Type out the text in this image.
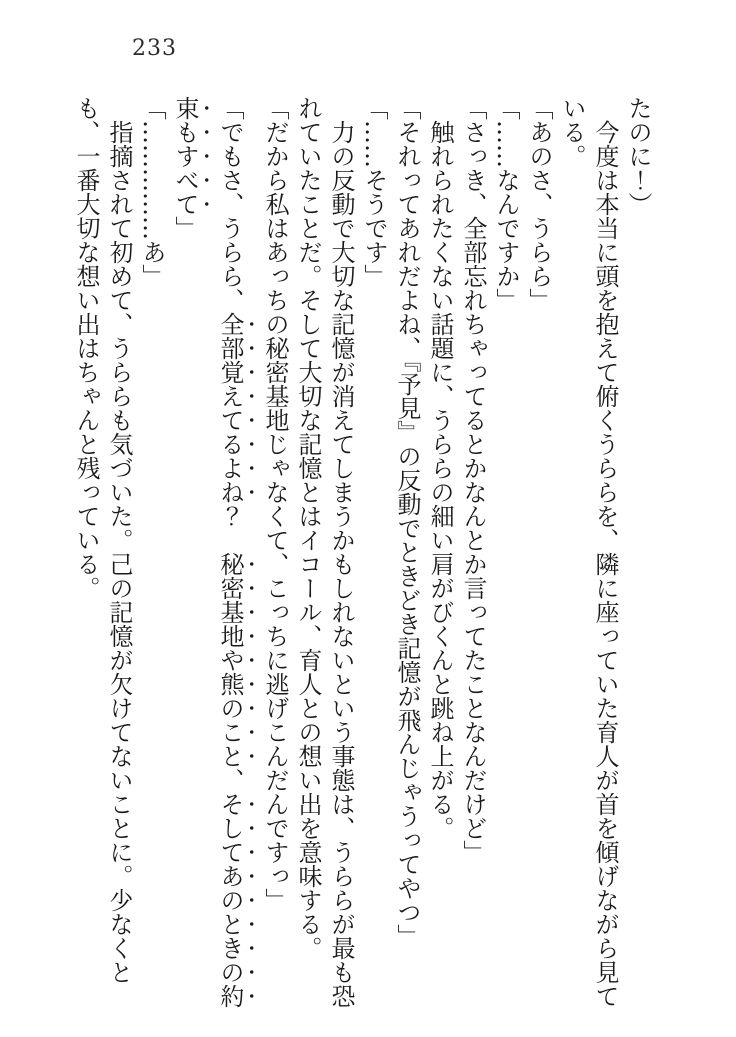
233

たのに！）

今度は本当に頭を抱えて俯くうららを、隣に座っていた育人が首を傾げながら見ている。

「あのさ、うらら」

「……なんですか」

「さっき、全部忘れちゃってるとかなんとか言ってたことなんだけど」

触れられたくない話題に、うららの細い肩がびくんと跳ね上がる。

「それってあれだよね、『予見』の反動でときどき記憶が飛んじゃうってやつ」

「……そうです」

力の反動で大切な記憶が消えてしまうかもしれないという事態は、うららが最も恐れていたことだ。そして大切な記憶とはイコール、育人との想い出を意味する。

「だから私はあっちの秘密基地じゃなくて、こっちに逃げこんだんですっ」

「でもさ、うらら、全部覚えてるよね？　秘密基地や熊のこと、そしてあのときの約束もすべて」

「……………あ」

指摘されて初めて、うららも気づいた。己の記憶が欠けてないことに。少なくとも、一番大切な想い出はちゃんと残っている。
